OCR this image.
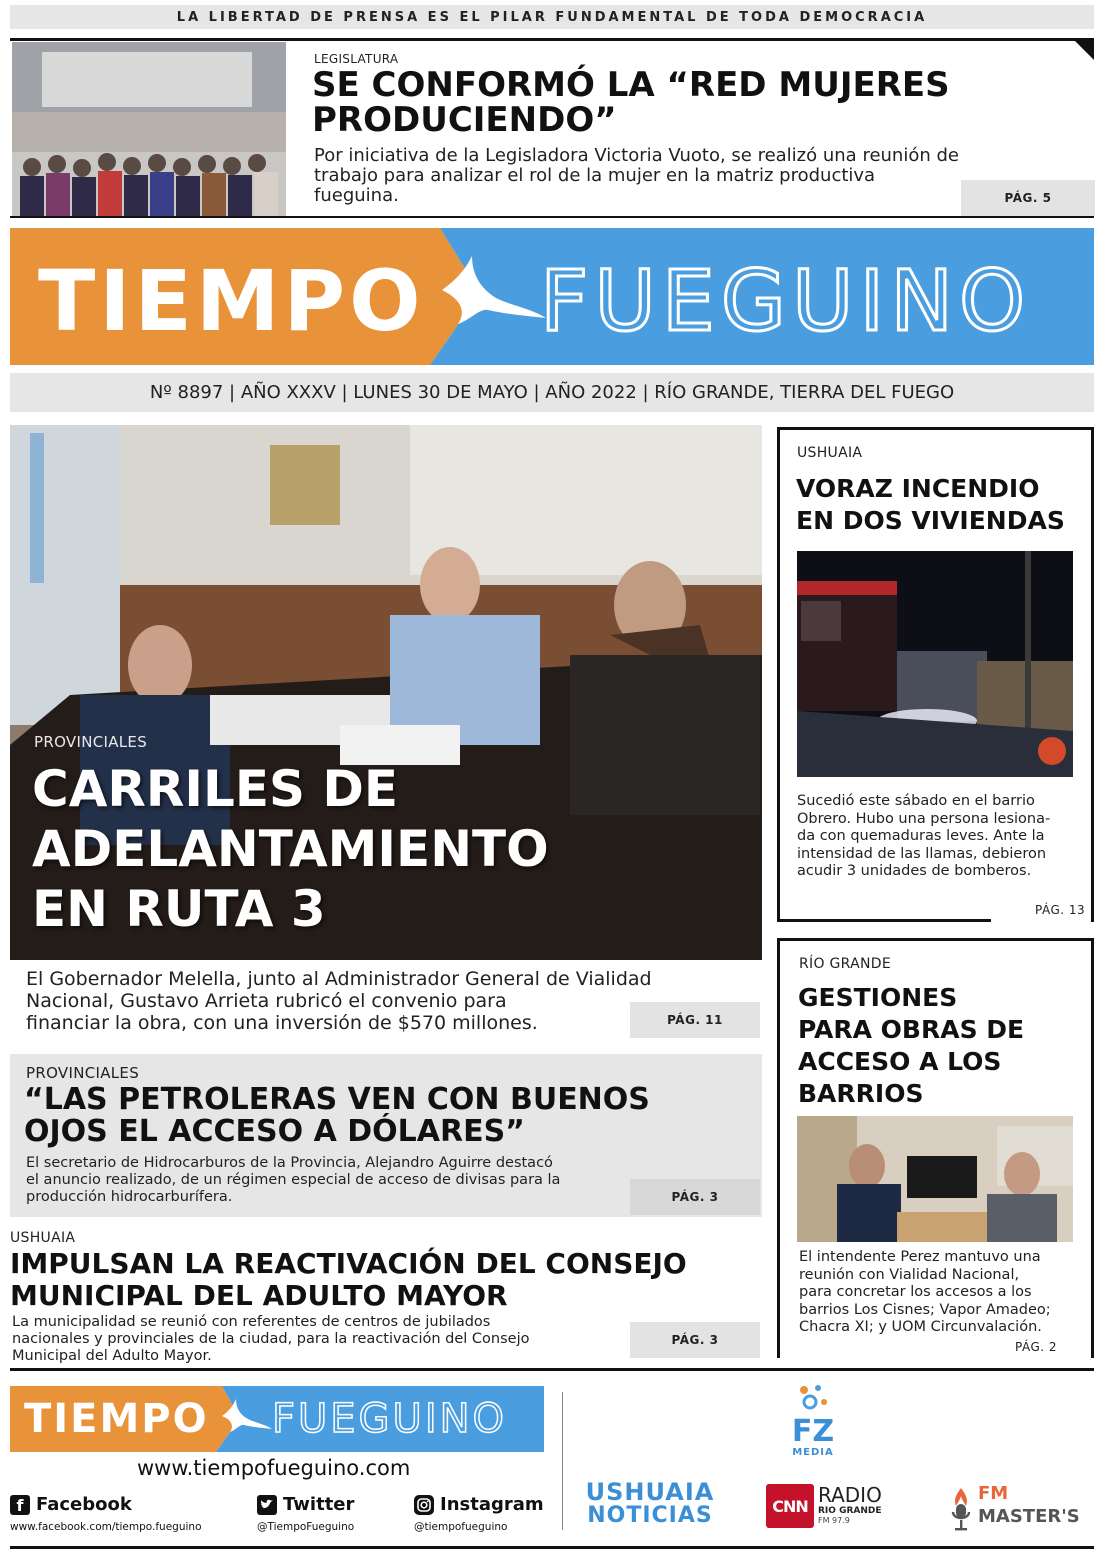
LA LIBERTAD DE PRENSA ES EL PILAR FUNDAMENTAL DE TODA DEMOCRACIA
LEGISLATURA
SE CONFORMÓ LA “RED MUJERES
PRODUCIENDO”
Por iniciativa de la Legisladora Victoria Vuoto, se realizó una reunión de
trabajo para analizar el rol de la mujer en la matriz productiva
fueguina.	PÁG. 5
TIEMPO FUEGUINO
Nº 8897 | AÑO XXXV | LUNES 30 DE MAYO | AÑO 2022 | RÍO GRANDE, TIERRA DEL FUEGO
PROVINCIALES
CARRILES DE
ADELANTAMIENTO
EN RUTA 3
El Gobernador Melella, junto al Administrador General de Vialidad
Nacional, Gustavo Arrieta rubricó el convenio para
financiar la obra, con una inversión de $570 millones.	PÁG. 11
PROVINCIALES
“LAS PETROLERAS VEN CON BUENOS
OJOS EL ACCESO A DÓLARES”
El secretario de Hidrocarburos de la Provincia, Alejandro Aguirre destacó
el anuncio realizado, de un régimen especial de acceso de divisas para la
producción hidrocarburífera.	PÁG. 3
USHUAIA
IMPULSAN LA REACTIVACIÓN DEL CONSEJO
MUNICIPAL DEL ADULTO MAYOR
La municipalidad se reunió con referentes de centros de jubilados
nacionales y provinciales de la ciudad, para la reactivación del Consejo
Municipal del Adulto Mayor.
PÁG. 3
USHUAIA
VORAZ INCENDIO
EN DOS VIVIENDAS
Sucedió este sábado en el barrio
Obrero. Hubo una persona lesiona-
da con quemaduras leves. Ante la
intensidad de las llamas, debieron
acudir 3 unidades de bomberos.
PÁG. 13
RÍO GRANDE
GESTIONES
PARA OBRAS DE
ACCESO A LOS
BARRIOS
El intendente Perez mantuvo una
reunión con Vialidad Nacional,
para concretar los accesos a los
barrios Los Cisnes; Vapor Amadeo;
Chacra XI; y UOM Circunvalación.
PÁG. 2
TIEMPO FUEGUINO
www.tiempofueguino.com
f Facebook
www.facebook.com/tiempo.fueguino
Twitter
@TiempoFueguino
Instagram
@tiempofueguino
FZ
MEDIA
USHUAIA
NOTICIAS	CNN RADIO
RIO GRANDE
FM 97.9
FM
MASTER'S
